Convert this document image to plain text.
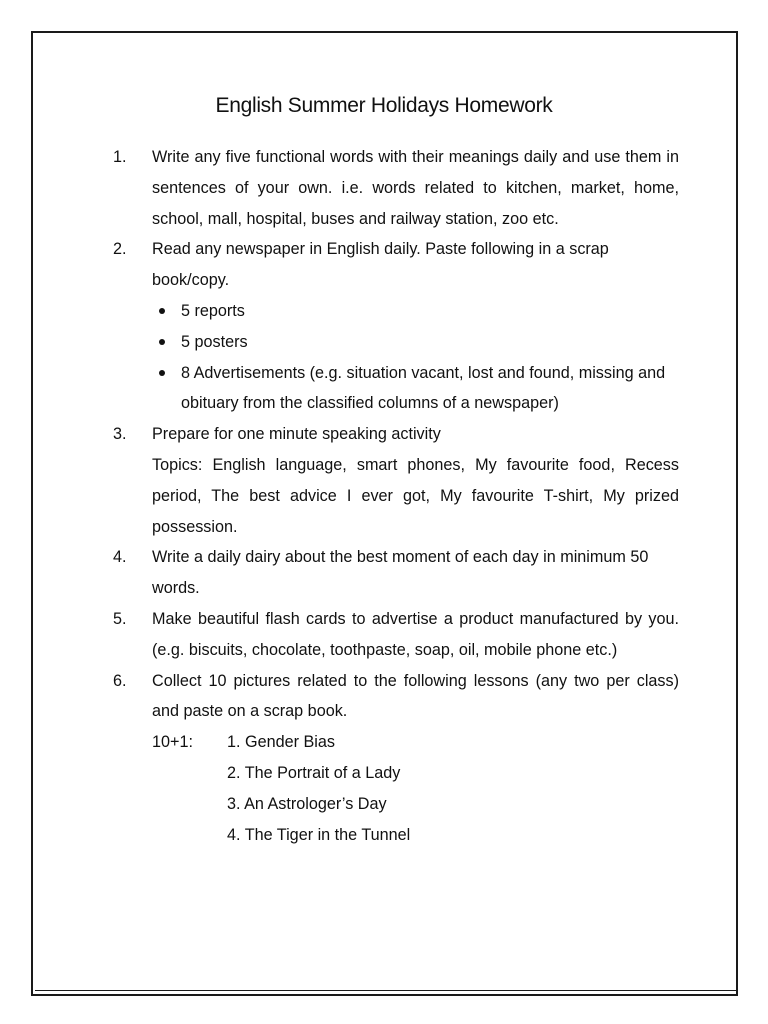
English Summer Holidays Homework
1. Write any five functional words with their meanings daily and use them in sentences of your own. i.e. words related to kitchen, market, home, school, mall, hospital, buses and railway station, zoo etc.

2. Read any newspaper in English daily. Paste following in a scrap book/copy.

5 reports
5 posters
8 Advertisements (e.g. situation vacant, lost and found, missing and obituary from the classified columns of a newspaper)
3. Prepare for one minute speaking activity

Topics: English language, smart phones, My favourite food, Recess period, The best advice I ever got, My favourite T-shirt, My prized possession.

4. Write a daily dairy about the best moment of each day in minimum 50 words.

5. Make beautiful flash cards to advertise a product manufactured by you. (e.g. biscuits, chocolate, toothpaste, soap, oil, mobile phone etc.)

6. Collect 10 pictures related to the following lessons (any two per class) and paste on a scrap book.

10+1:	1. Gender Bias
2. The Portrait of a Lady
3. An Astrologer’s Day
4. The Tiger in the Tunnel
